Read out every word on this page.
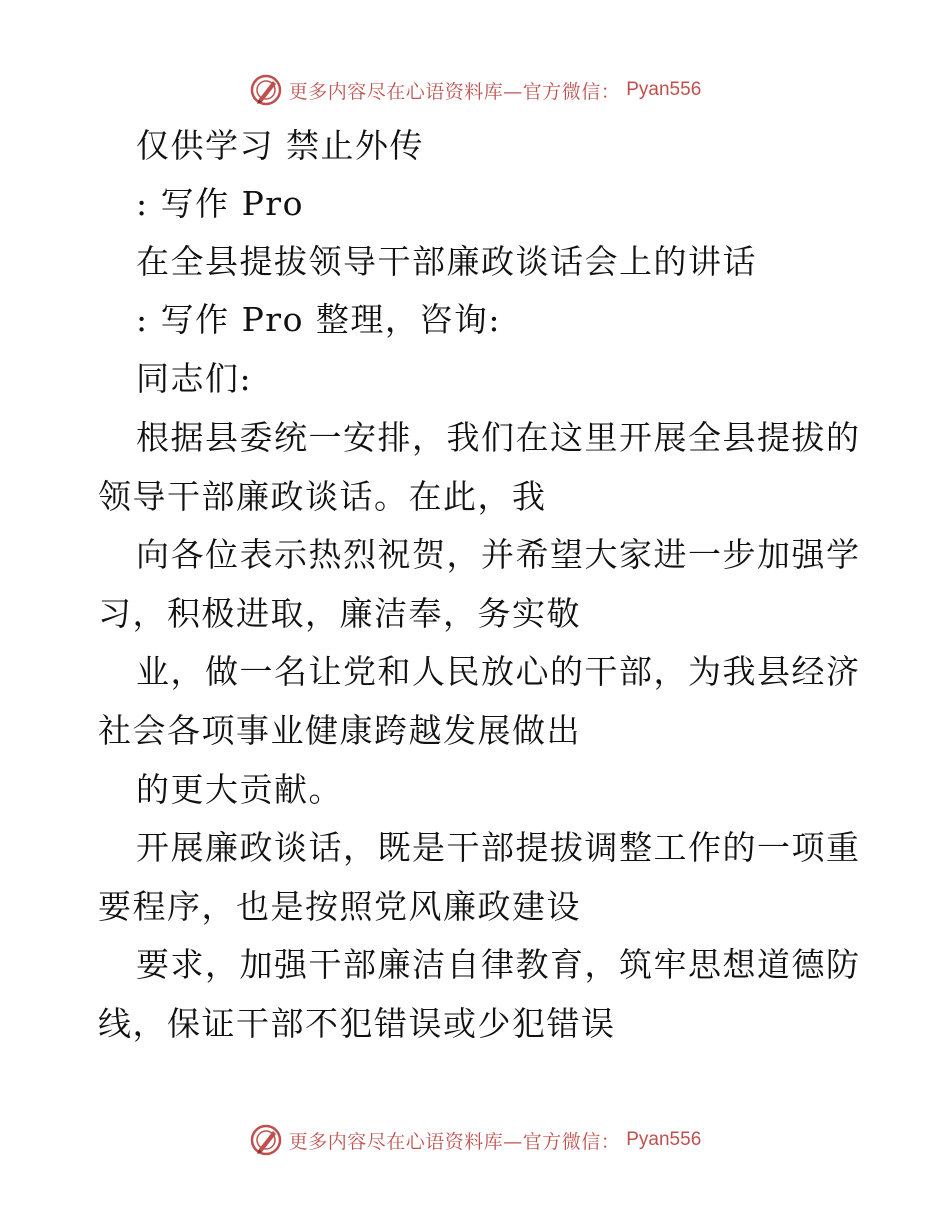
更多内容尽在心语资料库—官方微信： Pyan556
仅供学习 禁止外传
: 写作 Pro
在全县提拔领导干部廉政谈话会上的讲话
: 写作 Pro 整理，咨询:
同志们:
根据县委统一安排，我们在这里开展全县提拔的
领导干部廉政谈话。在此，我
向各位表示热烈祝贺，并希望大家进一步加强学
习，积极进取，廉洁奉，务实敬
业，做一名让党和人民放心的干部，为我县经济
社会各项事业健康跨越发展做出
的更大贡献。
开展廉政谈话，既是干部提拔调整工作的一项重
要程序，也是按照党风廉政建设
要求，加强干部廉洁自律教育，筑牢思想道德防
线，保证干部不犯错误或少犯错误
更多内容尽在心语资料库—官方微信： Pyan556
